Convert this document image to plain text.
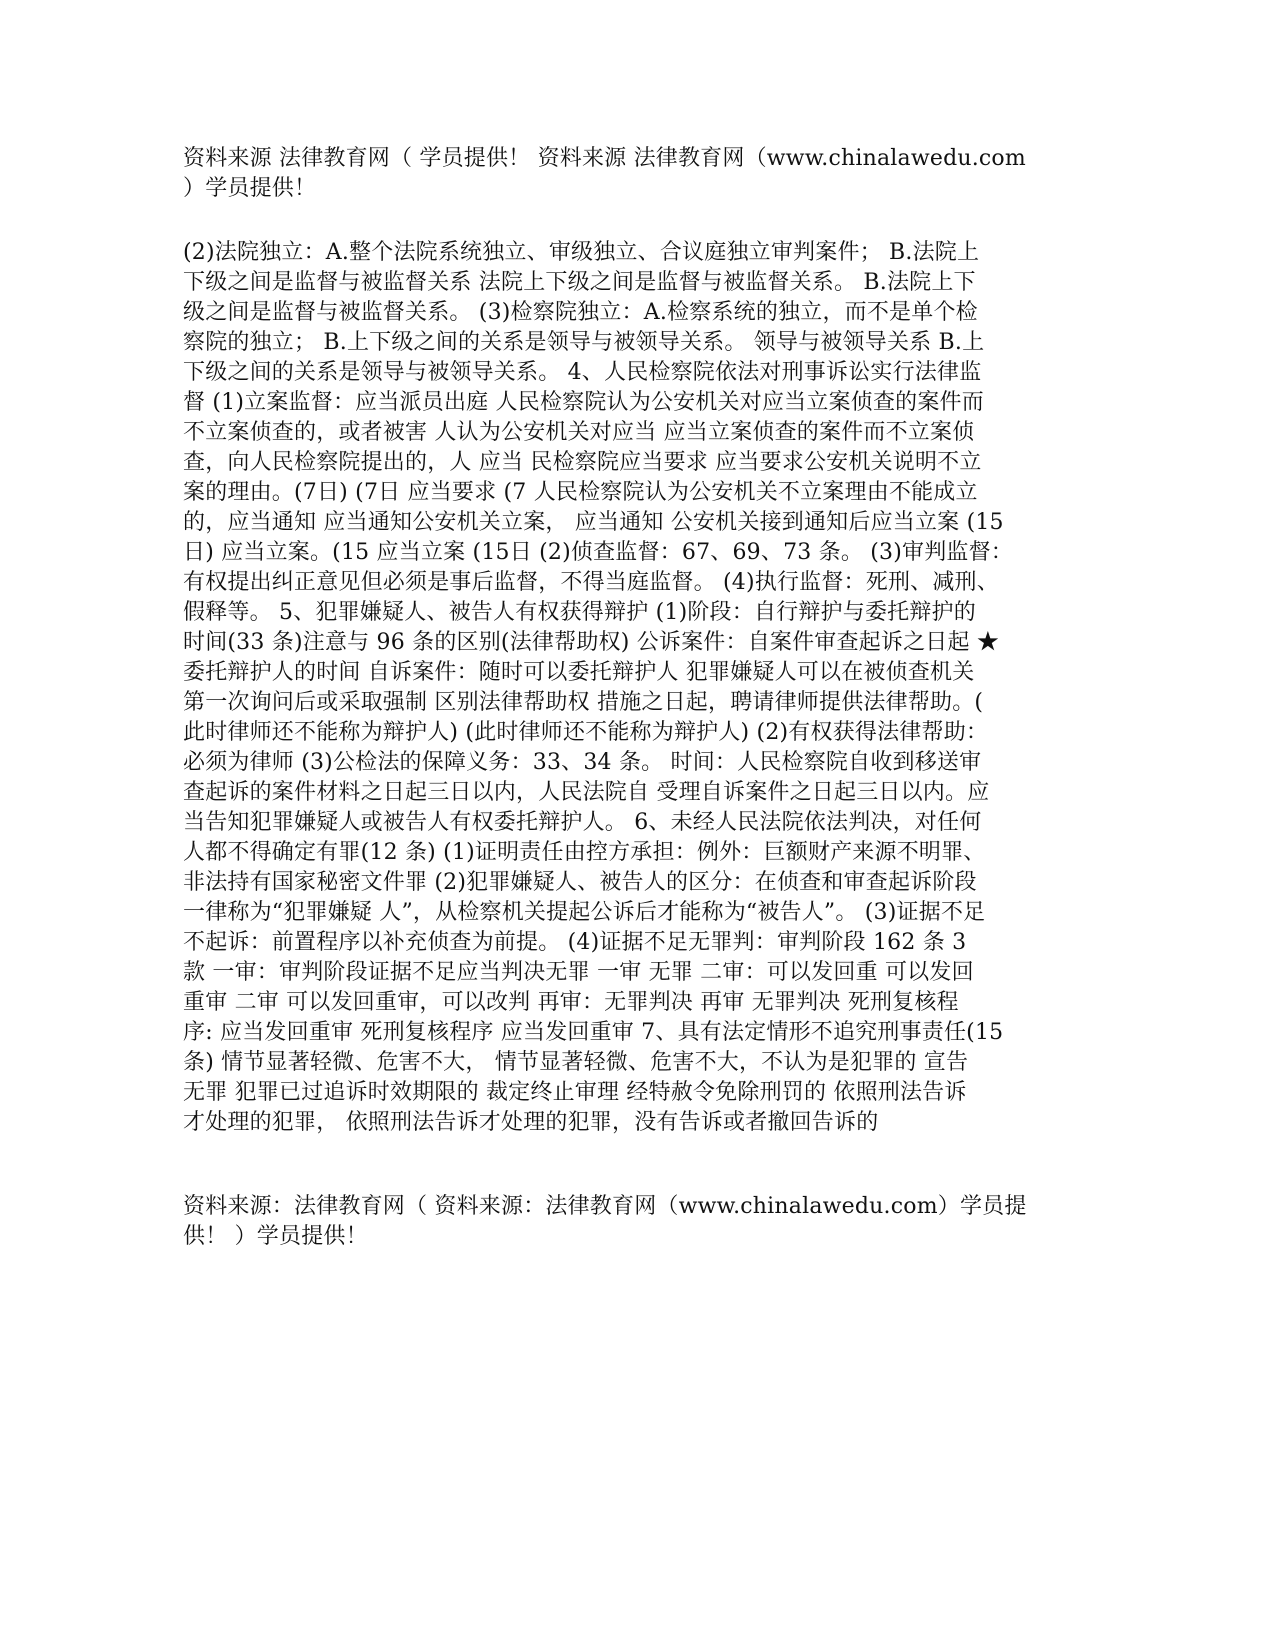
资料来源 法律教育网（ 学员提供！ 资料来源 法律教育网（www.chinalawedu.com
）学员提供！
(2)法院独立：A.整个法院系统独立、审级独立、合议庭独立审判案件； B.法院上
下级之间是监督与被监督关系 法院上下级之间是监督与被监督关系。 B.法院上下
级之间是监督与被监督关系。 (3)检察院独立：A.检察系统的独立，而不是单个检
察院的独立； B.上下级之间的关系是领导与被领导关系。 领导与被领导关系 B.上
下级之间的关系是领导与被领导关系。 4、人民检察院依法对刑事诉讼实行法律监
督 (1)立案监督：应当派员出庭 人民检察院认为公安机关对应当立案侦查的案件而
不立案侦查的，或者被害 人认为公安机关对应当 应当立案侦查的案件而不立案侦
查，向人民检察院提出的，人 应当 民检察院应当要求 应当要求公安机关说明不立
案的理由。(7日) (7日 应当要求 (7 人民检察院认为公安机关不立案理由不能成立
的，应当通知 应当通知公安机关立案， 应当通知 公安机关接到通知后应当立案 (15
日) 应当立案。(15 应当立案 (15日 (2)侦查监督：67、69、73 条。 (3)审判监督：
有权提出纠正意见但必须是事后监督，不得当庭监督。 (4)执行监督：死刑、减刑、
假释等。 5、犯罪嫌疑人、被告人有权获得辩护 (1)阶段：自行辩护与委托辩护的
时间(33 条)注意与 96 条的区别(法律帮助权) 公诉案件：自案件审查起诉之日起 ★
委托辩护人的时间 自诉案件：随时可以委托辩护人 犯罪嫌疑人可以在被侦查机关
第一次询问后或采取强制 区别法律帮助权 措施之日起，聘请律师提供法律帮助。(
此时律师还不能称为辩护人) (此时律师还不能称为辩护人) (2)有权获得法律帮助：
必须为律师 (3)公检法的保障义务：33、34 条。 时间：人民检察院自收到移送审
查起诉的案件材料之日起三日以内，人民法院自 受理自诉案件之日起三日以内。应
当告知犯罪嫌疑人或被告人有权委托辩护人。 6、未经人民法院依法判决，对任何
人都不得确定有罪(12 条) (1)证明责任由控方承担：例外：巨额财产来源不明罪、
非法持有国家秘密文件罪 (2)犯罪嫌疑人、被告人的区分：在侦查和审查起诉阶段
一律称为“犯罪嫌疑 人”，从检察机关提起公诉后才能称为“被告人”。 (3)证据不足
不起诉：前置程序以补充侦查为前提。 (4)证据不足无罪判：审判阶段 162 条 3
款 一审：审判阶段证据不足应当判决无罪 一审 无罪 二审：可以发回重 可以发回
重审 二审 可以发回重审，可以改判 再审：无罪判决 再审 无罪判决 死刑复核程
序: 应当发回重审 死刑复核程序 应当发回重审 7、具有法定情形不追究刑事责任(15
条) 情节显著轻微、危害不大， 情节显著轻微、危害不大，不认为是犯罪的 宣告
无罪 犯罪已过追诉时效期限的 裁定终止审理 经特赦令免除刑罚的 依照刑法告诉
才处理的犯罪， 依照刑法告诉才处理的犯罪，没有告诉或者撤回告诉的
资料来源：法律教育网（ 资料来源：法律教育网（www.chinalawedu.com）学员提
供！ ）学员提供！
